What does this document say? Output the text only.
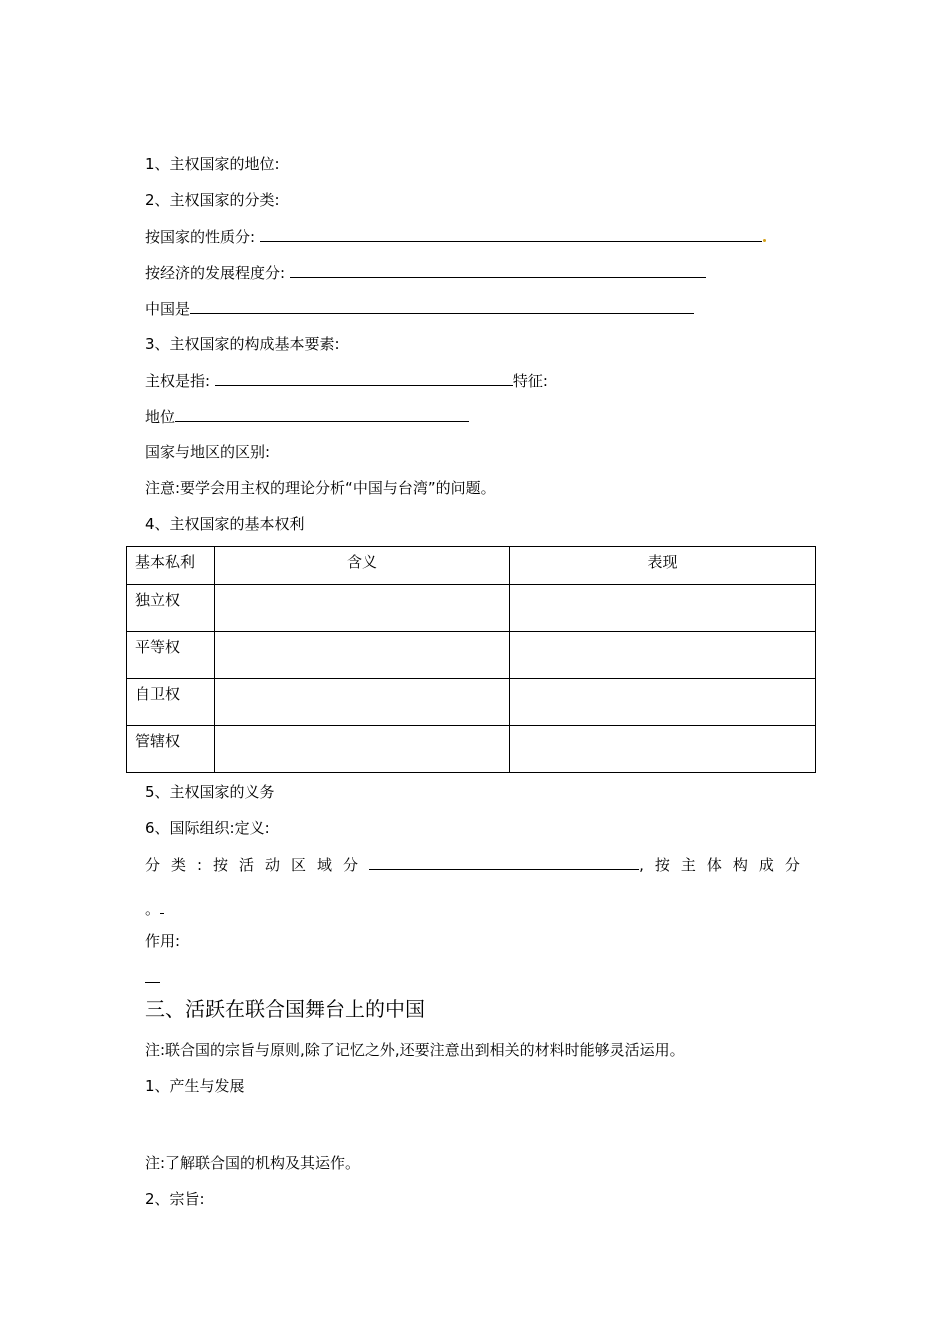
1、主权国家的地位:
2、主权国家的分类:
按国家的性质分:
按经济的发展程度分:
中国是
3、主权国家的构成基本要素:
主权是指:	特征:
地位
国家与地区的区别:
注意:要学会用主权的理论分析“中国与台湾”的问题。
4、主权国家的基本权利
基本私利	含义	表现
独立权		
平等权		
自卫权		
管辖权		
5、主权国家的义务
6、国际组织:定义:
分类:按活动区域分	,按主体构成分
。
作用:
三、活跃在联合国舞台上的中国
注:联合国的宗旨与原则,除了记忆之外,还要注意出到相关的材料时能够灵活运用。
1、产生与发展
注:了解联合国的机构及其运作。
2、宗旨:
